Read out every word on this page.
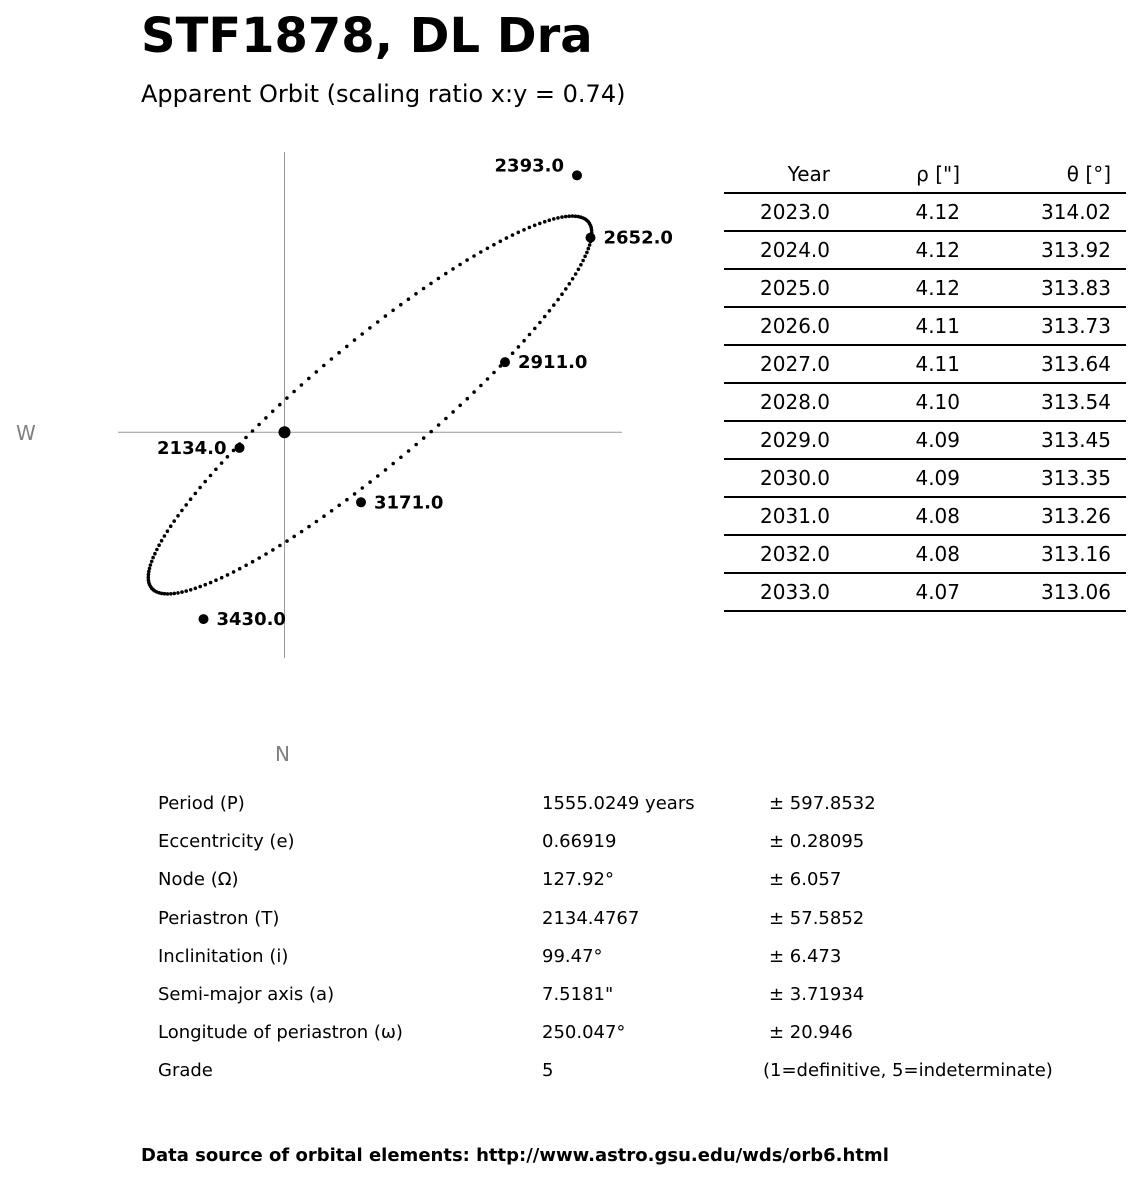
STF1878, DL Dra
Apparent Orbit (scaling ratio x:y = 0.74)
2134.0
2393.0
2652.0
2911.0
3171.0
3430.0
W
N
Year	ρ ["]	θ [°]	
2023.0	4.12	314.02	
2024.0	4.12	313.92	
2025.0	4.12	313.83	
2026.0	4.11	313.73	
2027.0	4.11	313.64	
2028.0	4.10	313.54	
2029.0	4.09	313.45	
2030.0	4.09	313.35	
2031.0	4.08	313.26	
2032.0	4.08	313.16	
2033.0	4.07	313.06	
Period (P)	1555.0249 years	± 597.8532
Eccentricity (e)	0.66919	± 0.28095
Node (Ω)	127.92°	± 6.057
Periastron (T)	2134.4767	± 57.5852
Inclinitation (i)	99.47°	± 6.473
Semi-major axis (a)	7.5181"	± 3.71934
Longitude of periastron (ω)	250.047°	± 20.946
Grade	5	(1=definitive, 5=indeterminate)
Data source of orbital elements: http://www.astro.gsu.edu/wds/orb6.html
